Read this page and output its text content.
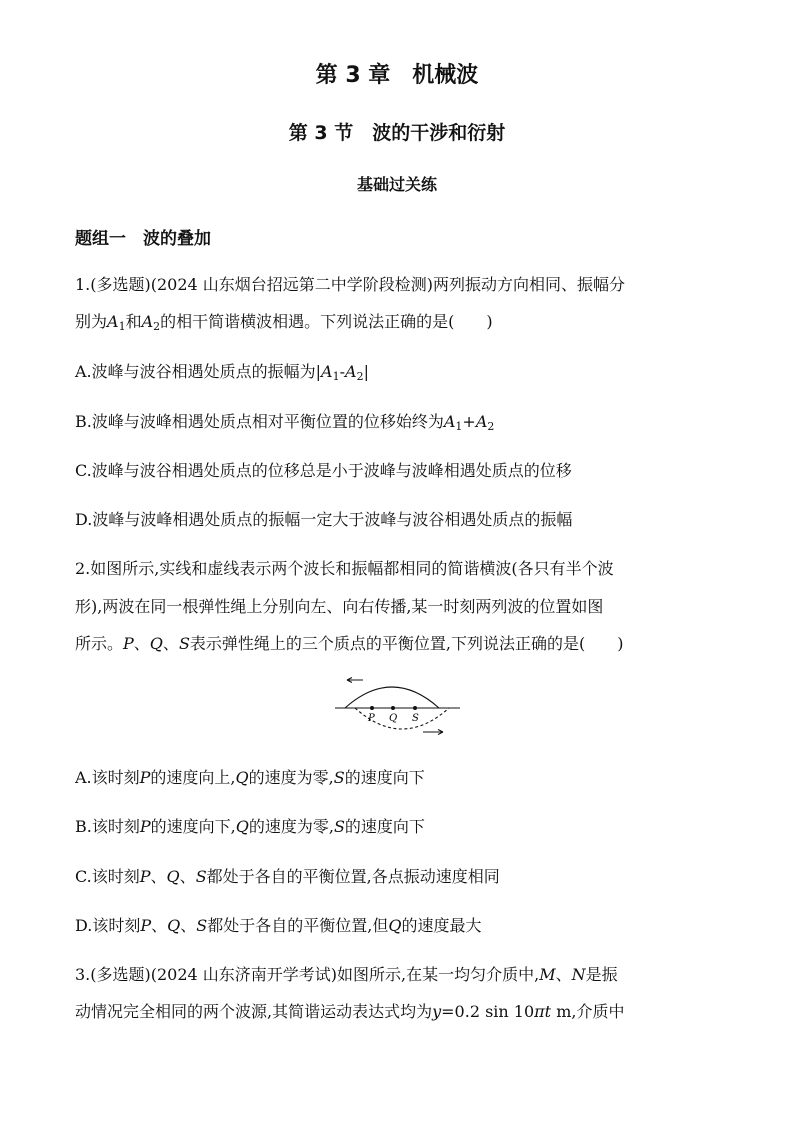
第 3 章　机械波
第 3 节　波的干涉和衍射
基础过关练
题组一　波的叠加
1.(多选题)(2024 山东烟台招远第二中学阶段检测)两列振动方向相同、振幅分
别为$A_1$和$A_2$的相干简谐横波相遇。下列说法正确的是(　　)
A.波峰与波谷相遇处质点的振幅为$|A_1-A_2|$
B.波峰与波峰相遇处质点相对平衡位置的位移始终为$A_1+A_2$
C.波峰与波谷相遇处质点的位移总是小于波峰与波峰相遇处质点的位移
D.波峰与波峰相遇处质点的振幅一定大于波峰与波谷相遇处质点的振幅
2.如图所示,实线和虚线表示两个波长和振幅都相同的简谐横波(各只有半个波
形),两波在同一根弹性绳上分别向左、向右传播,某一时刻两列波的位置如图
所示。P、Q、S表示弹性绳上的三个质点的平衡位置,下列说法正确的是(　　)
P Q S
A.该时刻P的速度向上,Q的速度为零,S的速度向下
B.该时刻P的速度向下,Q的速度为零,S的速度向下
C.该时刻P、Q、S都处于各自的平衡位置,各点振动速度相同
D.该时刻P、Q、S都处于各自的平衡位置,但Q的速度最大
3.(多选题)(2024 山东济南开学考试)如图所示,在某一均匀介质中,M、N是振
动情况完全相同的两个波源,其简谐运动表达式均为y=0.2 sin 10πt m,介质中
